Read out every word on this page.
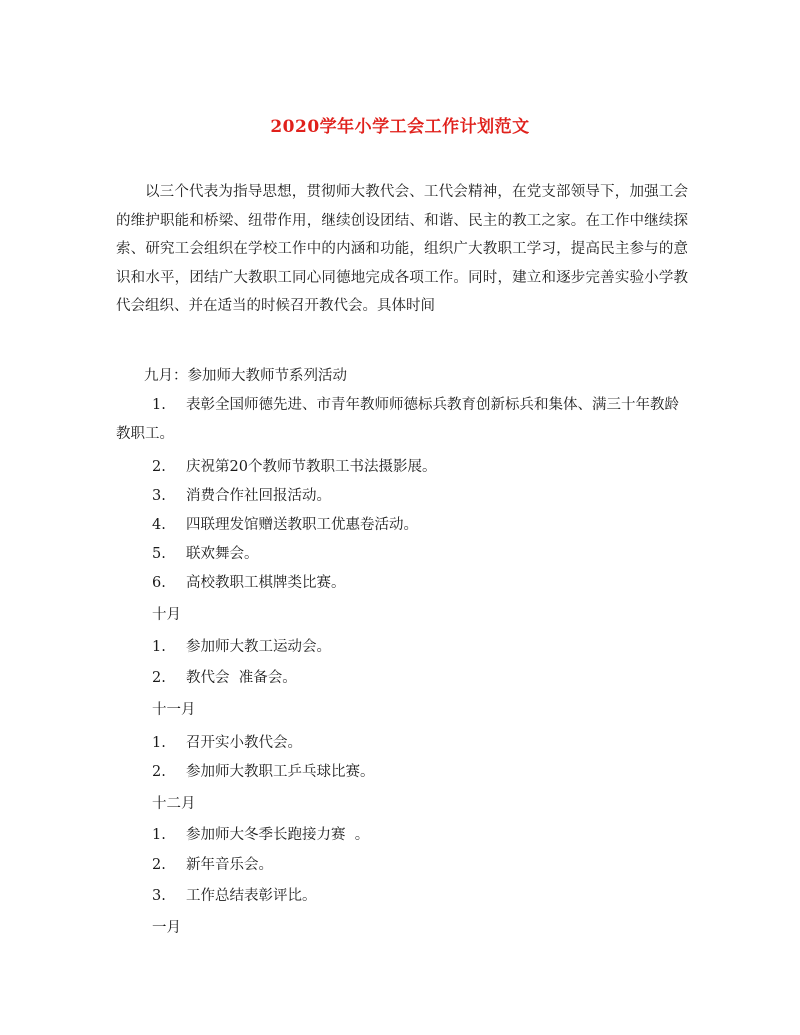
2020学年小学工会工作计划范文

以三个代表为指导思想，贯彻师大教代会、工代会精神，在党支部领导下，加强工会的维护职能和桥梁、纽带作用，继续创设团结、和谐、民主的教工之家。在工作中继续探索、研究工会组织在学校工作中的内涵和功能，组织广大教职工学习，提高民主参与的意识和水平，团结广大教职工同心同德地完成各项工作。同时，建立和逐步完善实验小学教代会组织、并在适当的时候召开教代会。具体时间

九月：参加师大教师节系列活动
1. 表彰全国师德先进、市青年教师师德标兵教育创新标兵和集体、满三十年教龄教职工。
2. 庆祝第20个教师节教职工书法摄影展。
3. 消费合作社回报活动。
4. 四联理发馆赠送教职工优惠卷活动。
5. 联欢舞会。
6. 高校教职工棋牌类比赛。
十月
1. 参加师大教工运动会。
2. 教代会  准备会。
十一月
1. 召开实小教代会。
2. 参加师大教职工乒乓球比赛。
十二月
1. 参加师大冬季长跑接力赛  。
2. 新年音乐会。
3. 工作总结表彰评比。
一月
